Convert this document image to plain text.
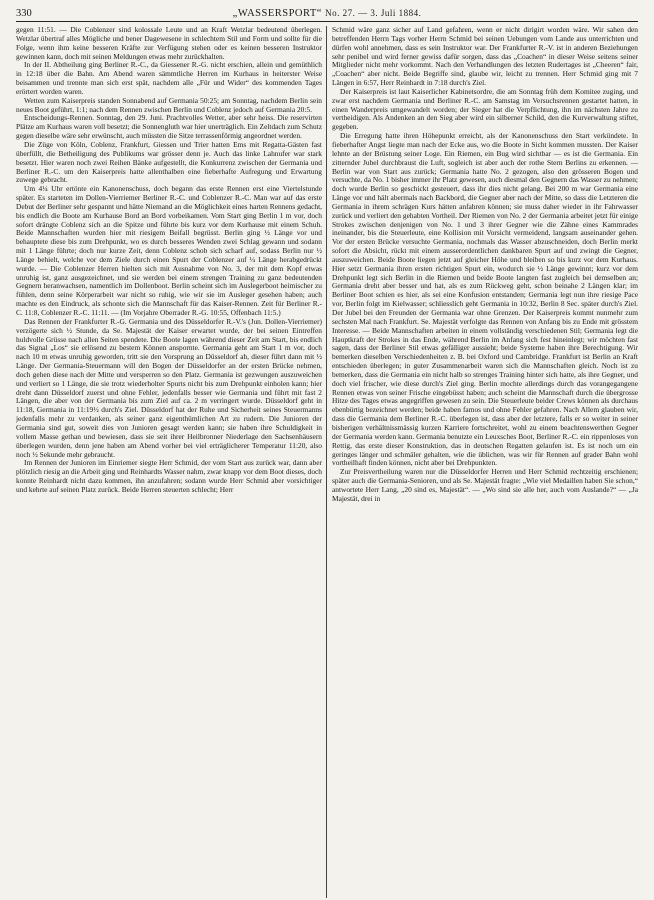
330	„WASSERSPORT“ No. 27. — 3. Juli 1884.

gegen 11:51. — Die Coblenzer sind kolossale Leute und an Kraft Wetzlar bedeutend überlegen. Wetzlar übertraf alles Mögliche und bener Dagewesene in schlechtem Stil und Form und sollte für die Folge, wenn ihm keine besseren Kräfte zur Verfügung stehen oder es keinen besseren Instruktor gewinnen kann, doch mit seinen Meldungen etwas mehr zurückhalten.

In der II. Abtheilung ging Berliner R.-C., da Giessener R.-G. nicht erschien, allein und gemüthlich in 12:18 über die Bahn. Am Abend waren sämmtliche Herren im Kurhaus in heiterster Weise beisammen und trennte man sich erst spät, nachdem alle „Für und Wider“ des kommenden Tages erörtert worden waren.

Wetten zum Kaiserpreis standen Sonnabend auf Germania 50:25; am Sonntag, nachdem Berlin sein neues Boot geführt, 1:1; nach dem Rennen zwischen Berlin und Coblenz jedoch auf Germania 20:5.

Entscheidungs-Rennen. Sonntag, den 29. Juni. Prachtvolles Wetter, aber sehr heiss. Die reservirten Plätze am Kurhaus waren voll besetzt; die Sonnengluth war hier unerträglich. Ein Zeltdach zum Schutz gegen dieselbe wäre sehr erwünscht, auch müssten die Sitze terrassenförmig angeordnet werden.

Die Züge von Köln, Coblenz, Frankfurt, Giessen und Trier hatten Ems mit Regatta-Gästen fast überfüllt, die Betheiligung des Publikums war grösser denn je. Auch das linke Lahnufer war stark besetzt. Hier waren noch zwei Reihen Bänke aufgestellt, die Konkurrenz zwischen der Germania und Berliner R.-C. um den Kaiserpreis hatte allenthalben eine fieberhafte Aufregung und Erwartung zuwege gebracht.

Um 4¼ Uhr ertönte ein Kanonenschuss, doch begann das erste Rennen erst eine Viertelstunde später. Es starteten im Dollen-Vierriemer Berliner R.-C. und Coblenzer R.-C. Man war auf das erste Debut der Berliner sehr gespannt und hätte Niemand an die Möglichkeit eines harten Rennens gedacht, bis endlich die Boote am Kurhause Bord an Bord vorbeikamen. Vom Start ging Berlin 1 m vor, doch sofort drängte Coblenz sich an die Spitze und führte bis kurz vor dem Kurhause mit einem Schuh. Beide Mannschaften wurden hier mit riesigem Beifall begrüsst. Berlin ging ½ Länge vor und behauptete diese bis zum Drehpunkt, wo es durch besseres Wenden zwei Schlag gewann und sodann mit 1 Länge führte; doch nur kurze Zeit, denn Coblenz schob sich scharf auf, sodass Berlin nur ½ Länge behielt, welche vor dem Ziele durch einen Spurt der Coblenzer auf ¼ Länge herabgedrückt wurde. — Die Coblenzer Herren hielten sich mit Ausnahme von No. 3, der mit dem Kopf etwas unruhig ist, ganz ausgezeichnet, und sie werden bei einem strengen Training zu ganz bedeutenden Gegnern heranwachsen, namentlich im Dollenboot. Berlin scheint sich im Auslegerboot heimischer zu fühlen, denn seine Körperarbeit war nicht so ruhig, wie wir sie im Ausleger gesehen haben; auch machte es den Eindruck, als schonte sich die Mannschaft für das Kaiser-Rennen. Zeit für Berliner R.-C. 11:8, Coblenzer R.-C. 11:11. — (Im Vorjahre Oberrader R.-G. 10:55, Offenbach 11:5.)

Das Rennen der Frankfurter R.-G. Germania und des Düsseldorfer R.-V.'s (Jun. Dollen-Vierriemer) verzögerte sich ½ Stunde, da Se. Majestät der Kaiser erwartet wurde, der bei seinen Eintreffen huldvolle Grüsse nach allen Seiten spendete. Die Boote lagen während dieser Zeit am Start, bis endlich das Signal „Los“ sie erlösend zu bestem Können anspornte. Germania geht am Start 1 m vor, doch nach 10 m etwas unruhig geworden, tritt sie den Vorsprung an Düsseldorf ab, dieser führt dann mit ½ Länge. Der Germania-Steuermann will den Bogen der Düsseldorfer an der ersten Brücke nehmen, doch gehen diese nach der Mitte und versperren so den Platz. Germania ist gezwungen auszuweichen und verliert so 1 Länge, die sie trotz wiederholter Spurts nicht bis zum Drehpunkt einholen kann; hier dreht dann Düsseldorf zuerst und ohne Fehler, jedenfalls besser wie Germania und führt mit fast 2 Längen, die aber von der Germania bis zum Ziel auf ca. 2 m verringert wurde. Düsseldorf geht in 11:18, Germania in 11:19½ durch's Ziel. Düsseldorf hat der Ruhe und Sicherheit seines Steuermanns jedenfalls mehr zu verdanken, als seiner ganz eigenthümlichen Art zu rudern. Die Junioren der Germania sind gut, soweit dies von Junioren gesagt werden kann; sie haben ihre Schuldigkeit in vollem Masse gethan und bewiesen, dass sie seit ihrer Heilbronner Niederlage den Sachsenhäusern überlegen wurden, denn jene haben am Abend vorher bei viel erträglicherer Temperatur 11:20, also noch ½ Sekunde mehr gebraucht.

Im Rennen der Junioren im Einriemer siegte Herr Schmid, der vom Start aus zurück war, dann aber plötzlich riesig an die Arbeit ging und Reinhardts Wasser nahm, zwar knapp vor dem Boot dieses, doch konnte Reinhardt nicht dazu kommen, ihn anzufahren; sodann wurde Herr Schmid aber vorsichtiger und kehrte auf seinen Platz zurück. Beide Herren steuerten schlecht; Herr

Schmid wäre ganz sicher auf Land gefahren, wenn er nicht dirigirt worden wäre. Wir sahen den betreffenden Herrn Tags vorher Herrn Schmid bei seinen Uebungen vom Lande aus unterrichten und dürfen wohl annehmen, dass es sein Instruktor war. Der Frankfurter R.-V. ist in anderen Beziehungen sehr penibel und wird ferner gewiss dafür sorgen, dass das „Coachen“ in dieser Weise seitens seiner Mitglieder nicht mehr vorkommt. Nach den Verhandlungen des letzten Rudertages ist „Cheeren“ fair, „Coachen“ aber nicht. Beide Begriffe sind, glaube wir, leicht zu trennen. Herr Schmid ging mit 7 Längen in 6:57, Herr Reinhardt in 7:18 durch's Ziel.

Der Kaiserpreis ist laut Kaiserlicher Kabinetsordre, die am Sonntag früh dem Komitee zuging, und zwar erst nachdem Germania und Berliner R.-C. am Samstag im Versuchsrennen gestartet hatten, in einen Wanderpreis umgewandelt worden; der Sieger hat die Verpflichtung, ihn im nächsten Jahre zu vertheidigen. Als Andenken an den Sieg aber wird ein silberner Schild, den die Kurverwaltung stiftet, gegeben.

Die Erregung hatte ihren Höhepunkt erreicht, als der Kanonenschuss den Start verkündete. In fieberhafter Angst liegte man nach der Ecke aus, wo die Boote in Sicht kommen mussten. Der Kaiser lehnte an der Brüstung seiner Loge. Ein Riemen, ein Bug wird sichtbar — es ist die Germania. Ein zitternder Jubel durchbraust die Luft, sogleich ist aber auch der rothe Stern Berlins zu erkennen. — Berlin war von Start aus zurück; Germania hatte No. 2 gezogen, also den grösseren Bogen und versuchte, da No. 1 bisher immer ihr Platz gewesen, auch diesmal den Gegnern das Wasser zu nehmen; doch wurde Berlin so geschickt gesteuert, dass ihr dies nicht gelang. Bei 200 m war Germania eine Länge vor und hält abermals nach Backbord, die Gegner aber nach der Mitte, so dass die Letzteren die Germania in ihrem schrägen Kurs hätten anfahren können; sie muss daher wieder in ihr Fahrwasser zurück und verliert den gehabten Vortheil. Der Riemen von No. 2 der Germania arbeitet jetzt für einige Strokes zwischen denjenigen von No. 1 und 3 ihrer Gegner wie die Zähne eines Kammrades ineinander, bis die Steuerleute, eine Kollision mit Vorsicht vermeidend, langsam auseinander gehen. Vor der ersten Brücke versuchte Germania, nochmals das Wasser abzuschneiden, doch Berlin merkt sofort die Absicht, rückt mit einem ausserordentlichen dankbaren Spurt auf und zwingt die Gegner, auszuweichen. Beide Boote liegen jetzt auf gleicher Höhe und bleiben so bis kurz vor dem Kurhaus. Hier setzt Germania ihren ersten richtigen Spurt ein, wodurch sie ½ Länge gewinnt; kurz vor dem Drehpunkt legt sich Berlin in die Riemen und beide Boote langten fast zugleich bei demselben an; Germania dreht aber besser und hat, als es zum Rückweg geht, schon beinahe 2 Längen klar; im Berliner Boot schien es hier, als sei eine Konfusion entstanden; Germania legt nun ihre riesige Pace vor, Berlin folgt im Kielwasser; schliesslich geht Germania in 10:32, Berlin 8 Sec. später durch's Ziel. Der Jubel bei den Freunden der Germania war ohne Grenzen. Der Kaiserpreis kommt nunmehr zum sechsten Mal nach Frankfurt. Se. Majestät verfolgte das Rennen von Anfang bis zu Ende mit grösstem Interesse. — Beide Mannschaften arbeiten in einem vollständig verschiedenen Stil; Germania legt die Hauptkraft der Strokes in das Ende, während Berlin im Anfang sich fest hineinlegt; wir möchten fast sagen, dass der Berliner Stil etwas gefälliger aussieht; beide Systeme haben ihre Berechtigung. Wir bemerken dieselben Verschiedenheiten z. B. bei Oxford und Cambridge. Frankfurt ist Berlin an Kraft entschieden überlegen; in guter Zusammenarbeit waren sich die Mannschaften gleich. Noch ist zu bemerken, dass die Germania ein nicht halb so strenges Training hinter sich hatte, als ihre Gegner, und doch viel frischer, wie diese durch's Ziel ging. Berlin mochte allerdings durch das vorangegangene Rennen etwas von seiner Frische eingebüsst haben; auch scheint die Mannschaft durch die übergrosse Hitze des Tages etwas angegriffen gewesen zu sein. Die Steuerleute beider Crews können als durchaus ebenbürtig bezeichnet werden; beide haben famos und ohne Fehler gefahren. Nach Allem glauben wir, dass die Germania dem Berliner R.-C. überlegen ist, dass aber der letztere, falls er so weiter in seiner bisherigen verhältnissmässig kurzen Karriere fortschreitet, wohl zu einem beachtenswerthen Gegner der Germania werden kann. Germania benutzte ein Leuxsches Boot, Berliner R.-C. ein rippenloses von Rettig, das erste dieser Konstruktion, das in deutschen Regatten gelaufen ist. Es ist noch um ein geringes länger und schmäler gehalten, wie die üblichen, was wir für Rennen auf grader Bahn wohl vortheilhaft finden können, nicht aber bei Drehpunkten.

Zur Preisvertheilung waren nur die Düsseldorfer Herren und Herr Schmid rechtzeitig erschienen; später auch die Germania-Senioren, und als Se. Majestät fragte: „Wie viel Medaillen haben Sie schon,“ antwortete Herr Lang, „20 sind es, Majestät“. — „Wo sind sie alle her, auch vom Auslande?“ — „Ja Majestät, drei in
